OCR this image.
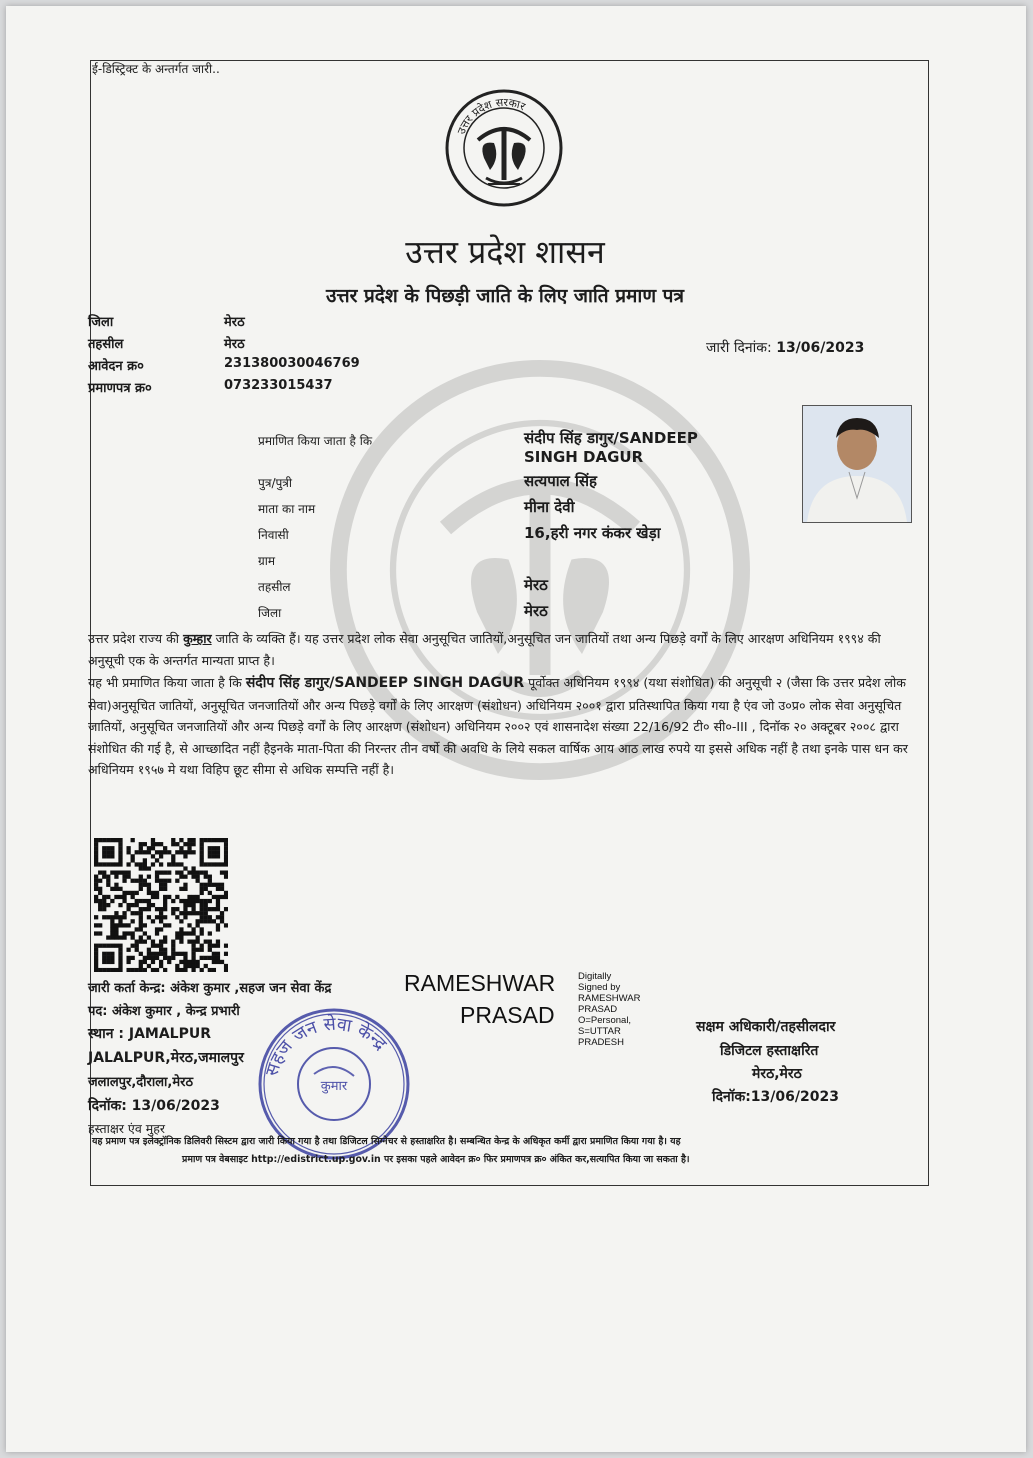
उत्तर प्रदेश सरकार
ई-डिस्ट्रिक्ट के अन्तर्गत जारी..
उत्तर प्रदेश शासन
उत्तर प्रदेश के पिछड़ी जाति के लिए जाति प्रमाण पत्र
जिला	मेरठ
तहसील	मेरठ
आवेदन क्र०	231380030046769
प्रमाणपत्र क्र०	073233015437
जारी दिनांक: 13/06/2023
प्रमाणित किया जाता है कि	संदीप सिंह डागुर/SANDEEP
SINGH DAGUR
पुत्र/पुत्री	सत्यपाल सिंह
माता का नाम	मीना देवी
निवासी	16,हरी नगर कंकर खेड़ा
ग्राम
तहसील	मेरठ
जिला	मेरठ
उत्तर प्रदेश राज्य की कुम्हार जाति के व्यक्ति हैं। यह उत्तर प्रदेश लोक सेवा अनुसूचित जातियों,अनुसूचित जन जातियों तथा अन्य पिछड़े वर्गों के लिए आरक्षण अधिनियम १९९४ की अनुसूची एक के अन्तर्गत मान्यता प्राप्त है।
यह भी प्रमाणित किया जाता है कि संदीप सिंह डागुर/SANDEEP SINGH DAGUR पूर्वोक्त अधिनियम १९९४ (यथा संशोधित) की अनुसूची २ (जैसा कि उत्तर प्रदेश लोक सेवा)अनुसूचित जातियों, अनुसूचित जनजातियों और अन्य पिछड़े वर्गों के लिए आरक्षण (संशोधन) अधिनियम २००१ द्वारा प्रतिस्थापित किया गया है एंव जो उ०प्र० लोक सेवा अनुसूचित जातियों, अनुसूचित जनजातियों और अन्य पिछड़े वर्गों के लिए आरक्षण (संशोधन) अधिनियम २००२ एवं शासनादेश संख्या 22/16/92 टी० सी०-III , दिनॉक २० अक्टूबर २००८ द्वारा संशोधित की गई है, से आच्छादित नहीं हैइनके माता-पिता की निरन्तर तीन वर्षो की अवधि के लिये सकल वार्षिक आय आठ लाख रुपये या इससे अधिक नहीं है तथा इनके पास धन कर अधिनियम १९५७ मे यथा विहिप छूट सीमा से अधिक सम्पत्ति नहीं है।
जारी कर्ता केन्द्र: अंकेश कुमार ,सहज जन सेवा केंद्र
पद: अंकेश कुमार , केन्द्र प्रभारी
स्थान : JAMALPUR
JALALPUR,मेरठ,जमालपुर
जलालपुर,दौराला,मेरठ
दिनॉक: 13/06/2023
हस्ताक्षर एंव मुहर
RAMESHWAR
PRASAD
Digitally
Signed by
RAMESHWAR
PRASAD
O=Personal,
S=UTTAR
PRADESH
सहज जन सेवा केन्द्र
कुमार
सक्षम अधिकारी/तहसीलदार
डिजिटल हस्ताक्षरित
मेरठ,मेरठ
दिनॉक:13/06/2023
यह प्रमाण पत्र इलेक्ट्रॉनिक डिलिवरी सिस्टम द्वारा जारी किया गया है तथा डिजिटल सिग्नेचर से हस्ताक्षरित है। सम्बन्धित केन्द्र के अधिकृत कर्मी द्वारा प्रमाणित किया गया है। यह
प्रमाण पत्र वेबसाइट http://edistrict.up.gov.in पर इसका पहले आवेदन क्र० फिर प्रमाणपत्र क्र० अंकित कर,सत्यापित किया जा सकता है।
